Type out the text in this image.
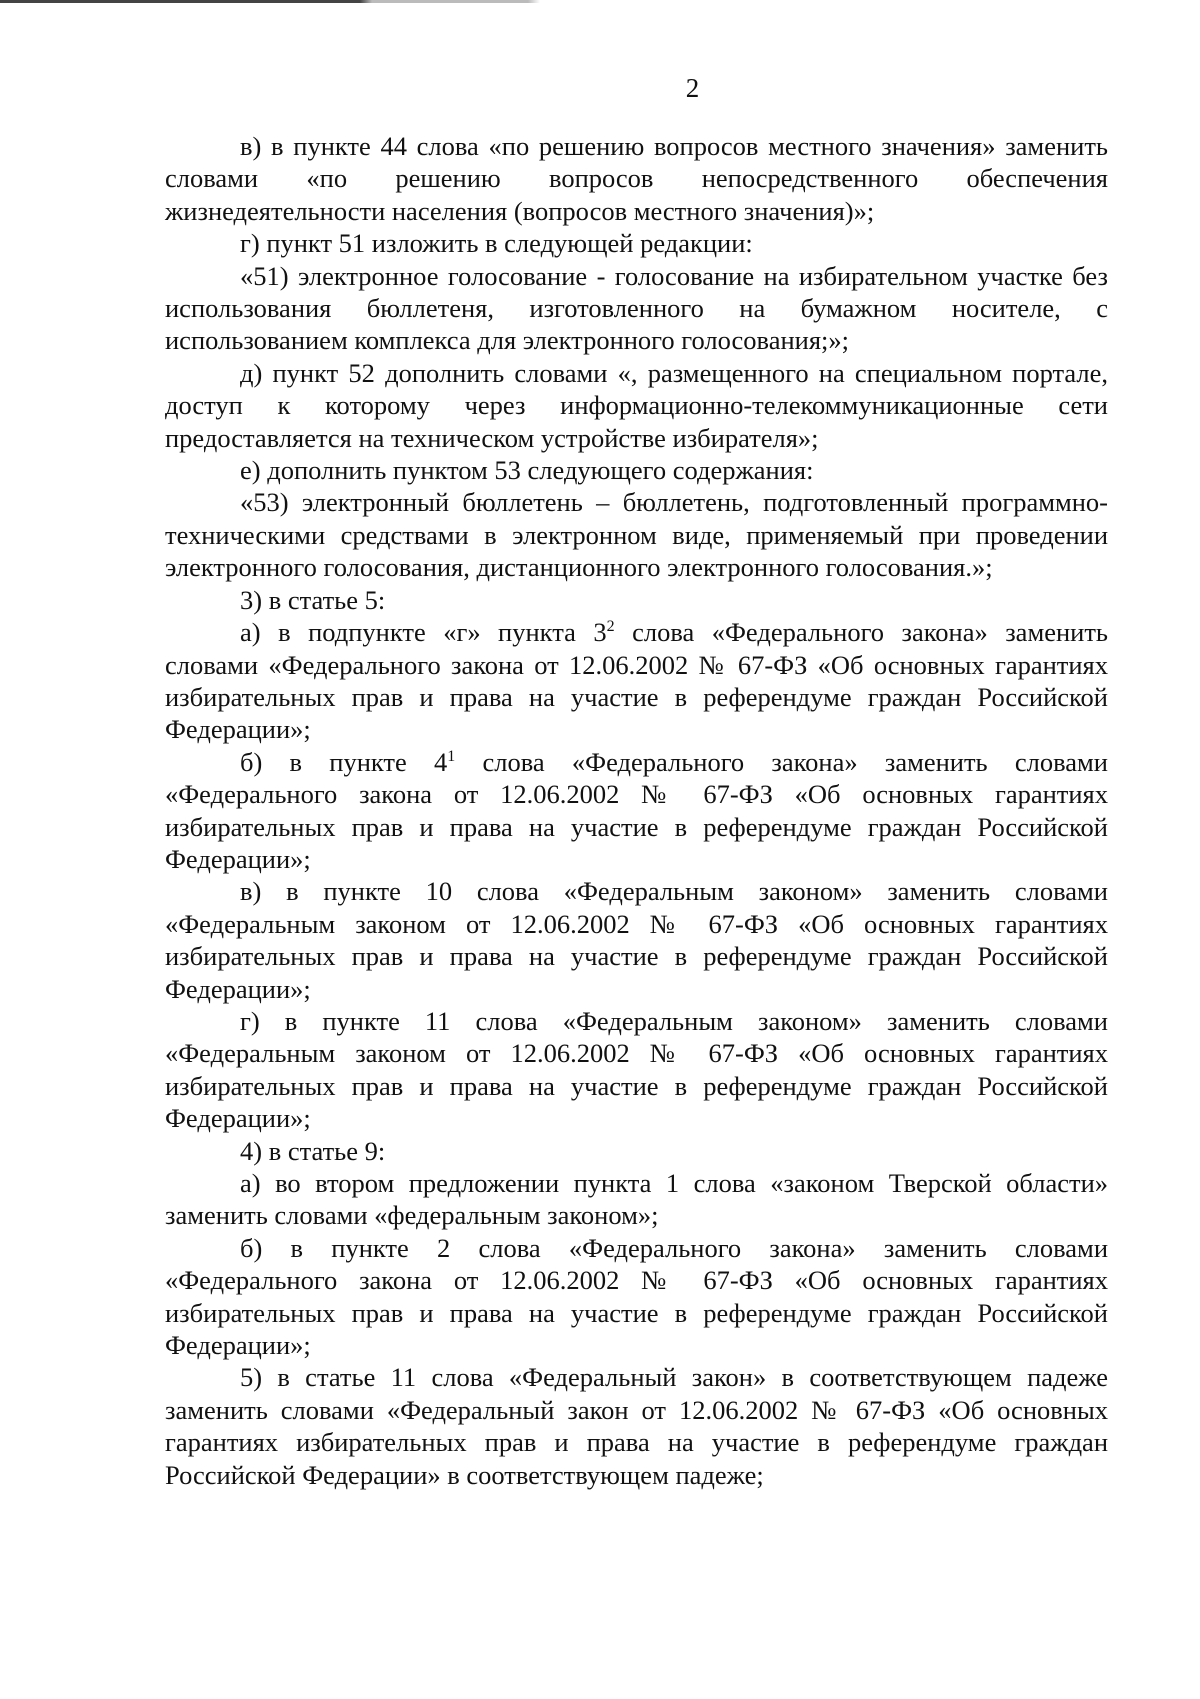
2

в) в пункте 44 слова «по решению вопросов местного значения» заменить словами «по решению вопросов непосредственного обеспечения жизнедеятельности населения (вопросов местного значения)»;

г) пункт 51 изложить в следующей редакции:

«51) электронное голосование - голосование на избирательном участке без использования бюллетеня, изготовленного на бумажном носителе, с использованием комплекса для электронного голосования;»;

д) пункт 52 дополнить словами «, размещенного на специальном портале, доступ к которому через информационно-телекоммуникационные сети предоставляется на техническом устройстве избирателя»;

е) дополнить пунктом 53 следующего содержания:

«53) электронный бюллетень – бюллетень, подготовленный программно-техническими средствами в электронном виде, применяемый при проведении электронного голосования, дистанционного электронного голосования.»;

3) в статье 5:

а) в подпункте «г» пункта $3^2$ слова «Федерального закона» заменить словами «Федерального закона от 12.06.2002 № 67-ФЗ «Об основных гарантиях избирательных прав и права на участие в референдуме граждан Российской Федерации»;

б) в пункте $4^1$ слова «Федерального закона» заменить словами «Федерального закона от 12.06.2002 № 67-ФЗ «Об основных гарантиях избирательных прав и права на участие в референдуме граждан Российской Федерации»;

в) в пункте 10 слова «Федеральным законом» заменить словами «Федеральным законом от 12.06.2002 № 67-ФЗ «Об основных гарантиях избирательных прав и права на участие в референдуме граждан Российской Федерации»;

г) в пункте 11 слова «Федеральным законом» заменить словами «Федеральным законом от 12.06.2002 № 67-ФЗ «Об основных гарантиях избирательных прав и права на участие в референдуме граждан Российской Федерации»;

4) в статье 9:

а) во втором предложении пункта 1 слова «законом Тверской области» заменить словами «федеральным законом»;

б) в пункте 2 слова «Федерального закона» заменить словами «Федерального закона от 12.06.2002 № 67-ФЗ «Об основных гарантиях избирательных прав и права на участие в референдуме граждан Российской Федерации»;

5) в статье 11 слова «Федеральный закон» в соответствующем падеже заменить словами «Федеральный закон от 12.06.2002 № 67-ФЗ «Об основных гарантиях избирательных прав и права на участие в референдуме граждан Российской Федерации» в соответствующем падеже;
